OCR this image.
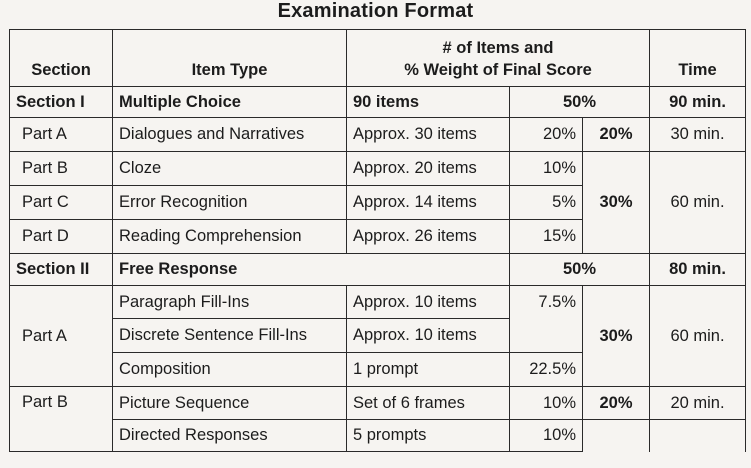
Examination Format
Section	Item Type	# of Items and
% Weight of Final Score			Time
Section I	Multiple Choice	90 items	50%		90 min.
Part A	Dialogues and Narratives	Approx. 30 items	20%	20%	30 min.
Part B	Cloze	Approx. 20 items	10%	30%	60 min.
Part C	Error Recognition	Approx. 14 items	5%		
Part D	Reading Comprehension	Approx. 26 items	15%		
Section II	Free Response		50%		80 min.
Part A	Paragraph Fill-Ins	Approx. 10 items	7.5%	30%	60 min.
	Discrete Sentence Fill-Ins	Approx. 10 items			
	Composition	1 prompt	22.5%		
Part B	Picture Sequence	Set of 6 frames	10%	20%	20 min.
	Directed Responses	5 prompts	10%		
